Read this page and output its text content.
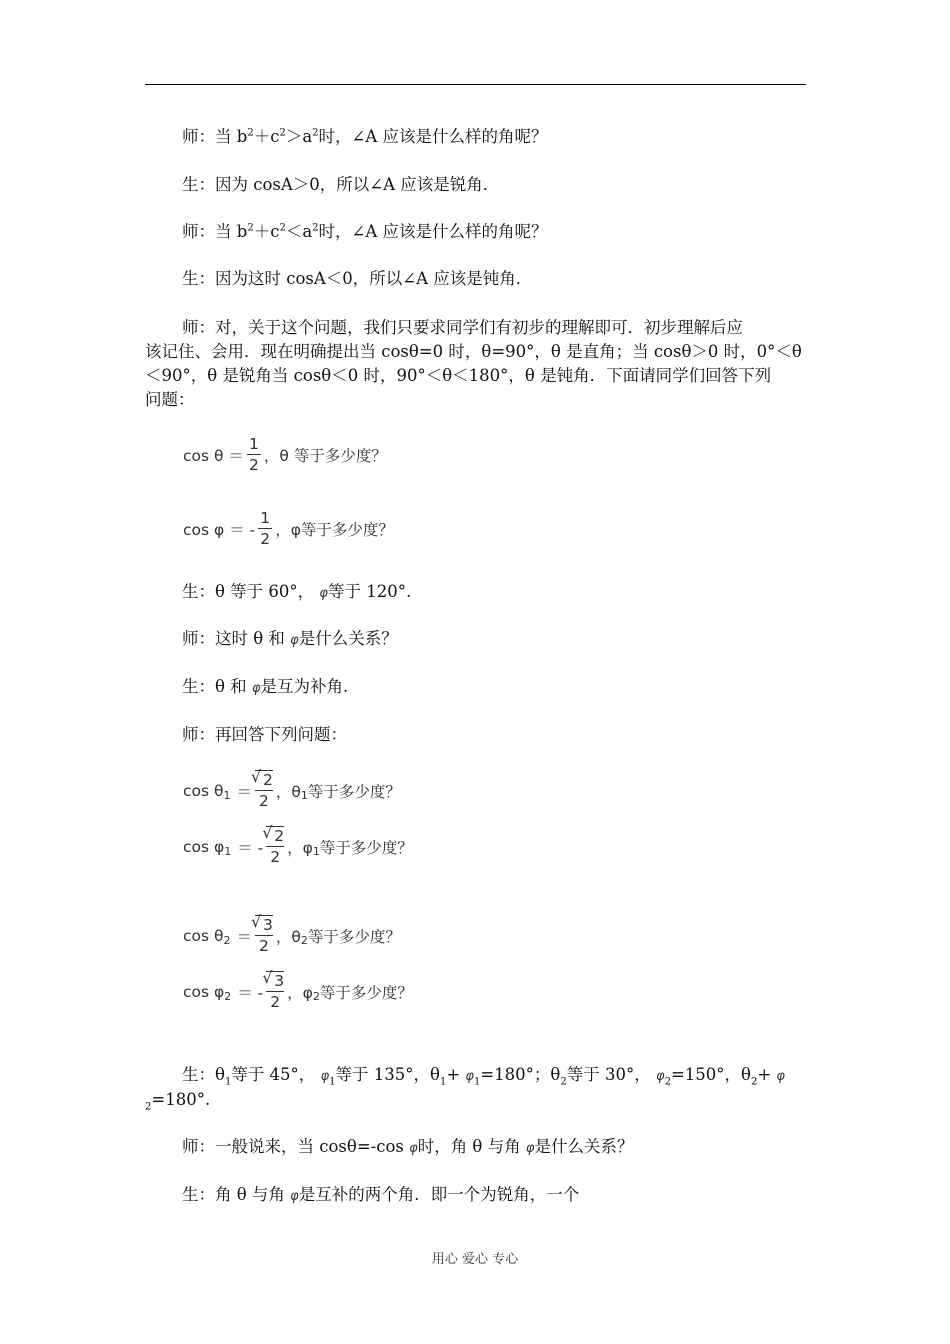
师：当 $b^2+c^2>a^2$时，∠A 应该是什么样的角呢？
生：因为 cosA＞0，所以∠A 应该是锐角．
师：当 $b^2+c^2<a^2$时，∠A 应该是什么样的角呢？
生：因为这时 cosA＜0，所以∠A 应该是钝角．
师：对，关于这个问题，我们只要求同学们有初步的理解即可．初步理解后应
该记住、会用．现在明确提出当 cosθ=0 时，θ=90°，θ 是直角；当 cosθ＞0 时，0°＜θ
＜90°，θ 是锐角当 cosθ＜0 时，90°＜θ＜180°，θ 是钝角．下面请同学们回答下列
问题：
$\cos \theta = \frac{1}{2}$ ，θ 等于多少度？
cos φ ＝ - $\frac{1}{2}$ ，φ等于多少度？
生：θ 等于 60°， φ等于 120°.
师：这时 θ 和 φ是什么关系？
生：θ 和 φ是互为补角.
师：再回答下列问题：
cos θ 1 ＝ √ $\frac{2}{2}$ ，θ 1 等于多少度？
cos φ 1 ＝ - √ $\frac{2}{2}$ ，φ 1 等于多少度？
cos θ 2 ＝ √ $\frac{3}{2}$ ，θ 2 等于多少度？
cos φ 2 ＝ - √ $\frac{3}{2}$ ，φ 2 等于多少度？
生：$\theta_1$等于 45°， $\varphi_1$等于 135°，$\theta_1+ \varphi_1=180^\circ$；$\theta_2$等于 30°， $\varphi_2=150^\circ$，$\theta_2+ \varphi$
$_2$=180°.
师：一般说来，当 cosθ=-cos φ时，角 θ 与角 φ是什么关系？
生：角 θ 与角 φ是互补的两个角．即一个为锐角，一个
用心 爱心 专心
